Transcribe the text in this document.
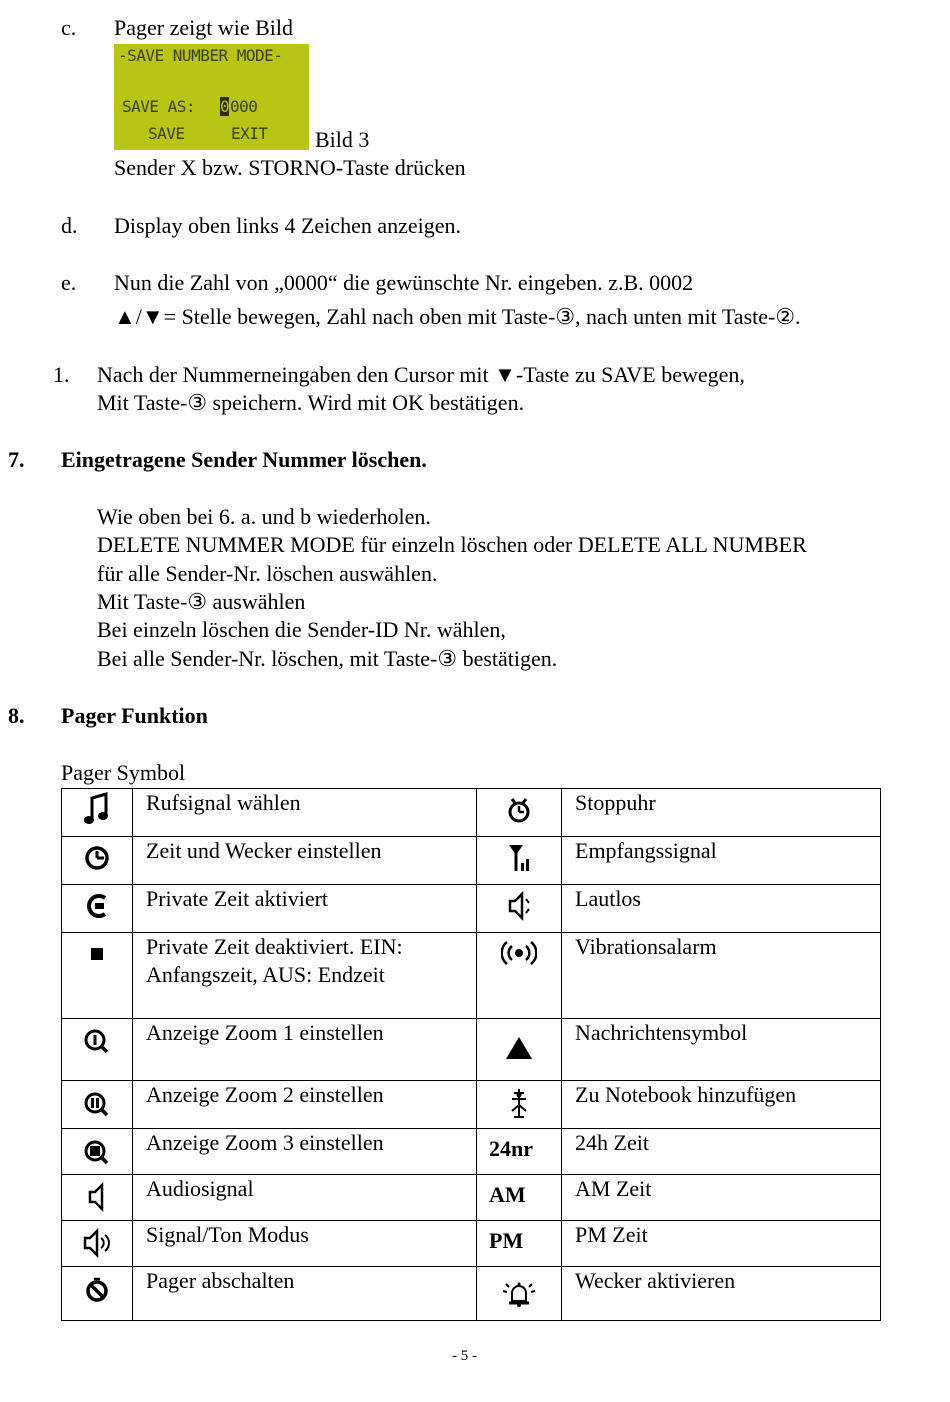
c. Pager zeigt wie Bild
-SAVE NUMBER MODE-
SAVE AS: 0 000
SAVE	EXIT Bild 3
Sender X bzw. STORNO-Taste drücken
d. Display oben links 4 Zeichen anzeigen.
e. Nun die Zahl von „0000“ die gewünschte Nr. eingeben. z.B. 0002
▲/▼= Stelle bewegen, Zahl nach oben mit Taste-③, nach unten mit Taste-②.
1. Nach der Nummerneingaben den Cursor mit ▼-Taste zu SAVE bewegen,
Mit Taste-③ speichern. Wird mit OK bestätigen.
7. Eingetragene Sender Nummer löschen.
Wie oben bei 6. a. und b wiederholen.
DELETE NUMMER MODE für einzeln löschen oder DELETE ALL NUMBER
für alle Sender-Nr. löschen auswählen.
Mit Taste-③ auswählen
Bei einzeln löschen die Sender-ID Nr. wählen,
Bei alle Sender-Nr. löschen, mit Taste-③ bestätigen.
8. Pager Funktion
Pager Symbol
	Rufsignal wählen		Stoppuhr

	Zeit und Wecker einstellen		Empfangssignal

	Private Zeit aktiviert		Lautlos

	Private Zeit deaktiviert. EIN: Anfangszeit, AUS: Endzeit		Vibrationsalarm

	Anzeige Zoom 1 einstellen		Nachrichtensymbol

	Anzeige Zoom 2 einstellen		Zu Notebook hinzufügen

	Anzeige Zoom 3 einstellen	24nr	24h Zeit

	Audiosignal	AM	AM Zeit

	Signal/Ton Modus	PM	PM Zeit

	Pager abschalten		Wecker aktivieren
- 5 -
